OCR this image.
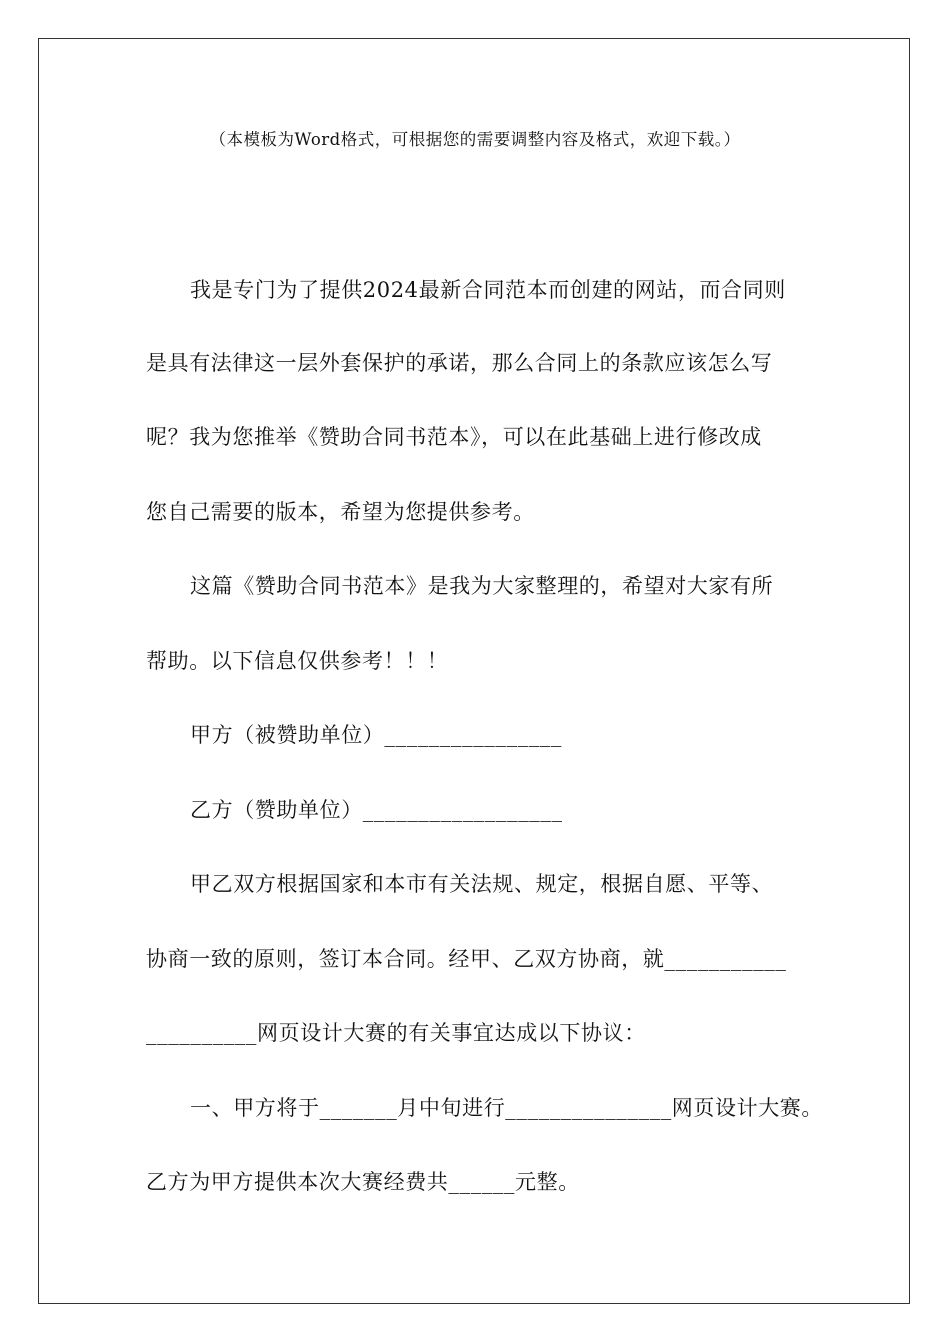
（本模板为Word格式，可根据您的需要调整内容及格式，欢迎下载。）
我是专门为了提供2024最新合同范本而创建的网站，而合同则
是具有法律这一层外套保护的承诺，那么合同上的条款应该怎么写
呢？我为您推举《赞助合同书范本》，可以在此基础上进行修改成
您自己需要的版本，希望为您提供参考。
这篇《赞助合同书范本》是我为大家整理的，希望对大家有所
帮助。以下信息仅供参考！！！
甲方（被赞助单位）________________
乙方（赞助单位）__________________
甲乙双方根据国家和本市有关法规、规定，根据自愿、平等、
协商一致的原则，签订本合同。经甲、乙双方协商，就___________
__________网页设计大赛的有关事宜达成以下协议：
一、甲方将于_______月中旬进行_______________网页设计大赛。
乙方为甲方提供本次大赛经费共______元整。
